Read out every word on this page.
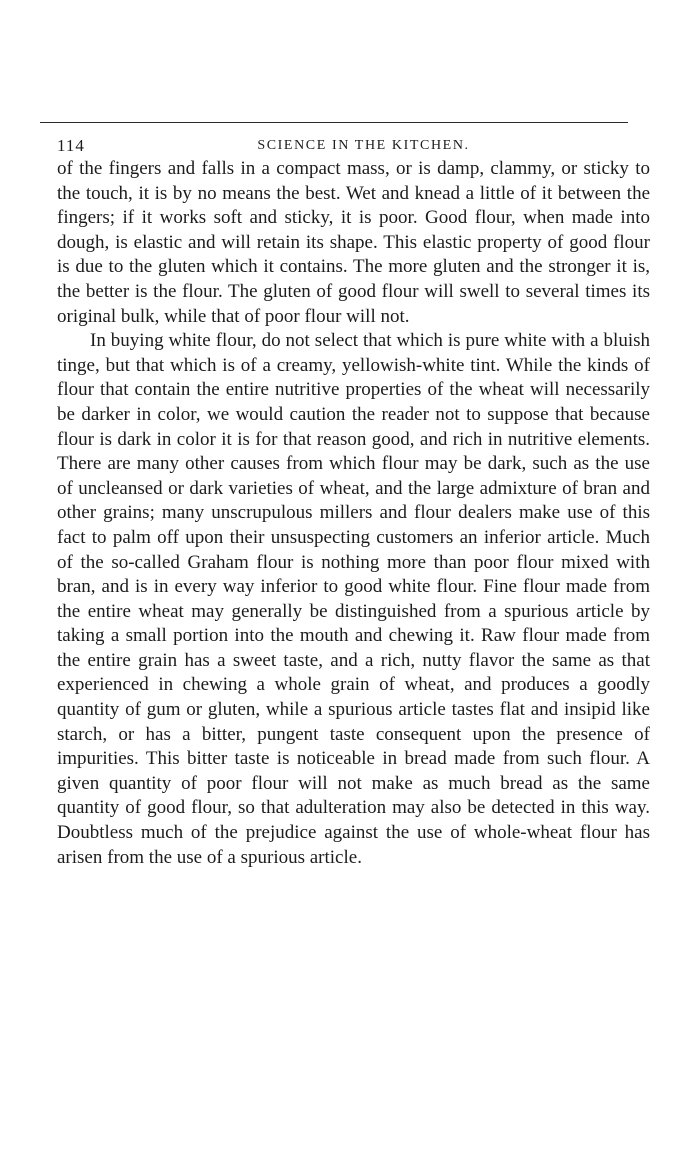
114	SCIENCE IN THE KITCHEN.

of the fingers and falls in a compact mass, or is damp, clammy, or sticky to the touch, it is by no means the best. Wet and knead a little of it between the fingers; if it works soft and sticky, it is poor. Good flour, when made into dough, is elastic and will retain its shape. This elastic property of good flour is due to the gluten which it contains. The more gluten and the stronger it is, the better is the flour. The gluten of good flour will swell to several times its original bulk, while that of poor flour will not.

In buying white flour, do not select that which is pure white with a bluish tinge, but that which is of a creamy, yellowish-white tint. While the kinds of flour that contain the entire nutritive properties of the wheat will necessarily be darker in color, we would caution the reader not to suppose that because flour is dark in color it is for that reason good, and rich in nutritive elements. There are many other causes from which flour may be dark, such as the use of uncleansed or dark varieties of wheat, and the large admixture of bran and other grains; many unscrupulous millers and flour dealers make use of this fact to palm off upon their unsuspecting customers an inferior article. Much of the so-called Graham flour is nothing more than poor flour mixed with bran, and is in every way inferior to good white flour. Fine flour made from the entire wheat may generally be distinguished from a spurious article by taking a small portion into the mouth and chewing it. Raw flour made from the entire grain has a sweet taste, and a rich, nutty flavor the same as that experienced in chewing a whole grain of wheat, and produces a goodly quantity of gum or gluten, while a spurious article tastes flat and insipid like starch, or has a bitter, pungent taste consequent upon the presence of impurities. This bitter taste is noticeable in bread made from such flour. A given quantity of poor flour will not make as much bread as the same quantity of good flour, so that adulteration may also be detected in this way. Doubtless much of the prejudice against the use of whole-wheat flour has arisen from the use of a spurious article.
